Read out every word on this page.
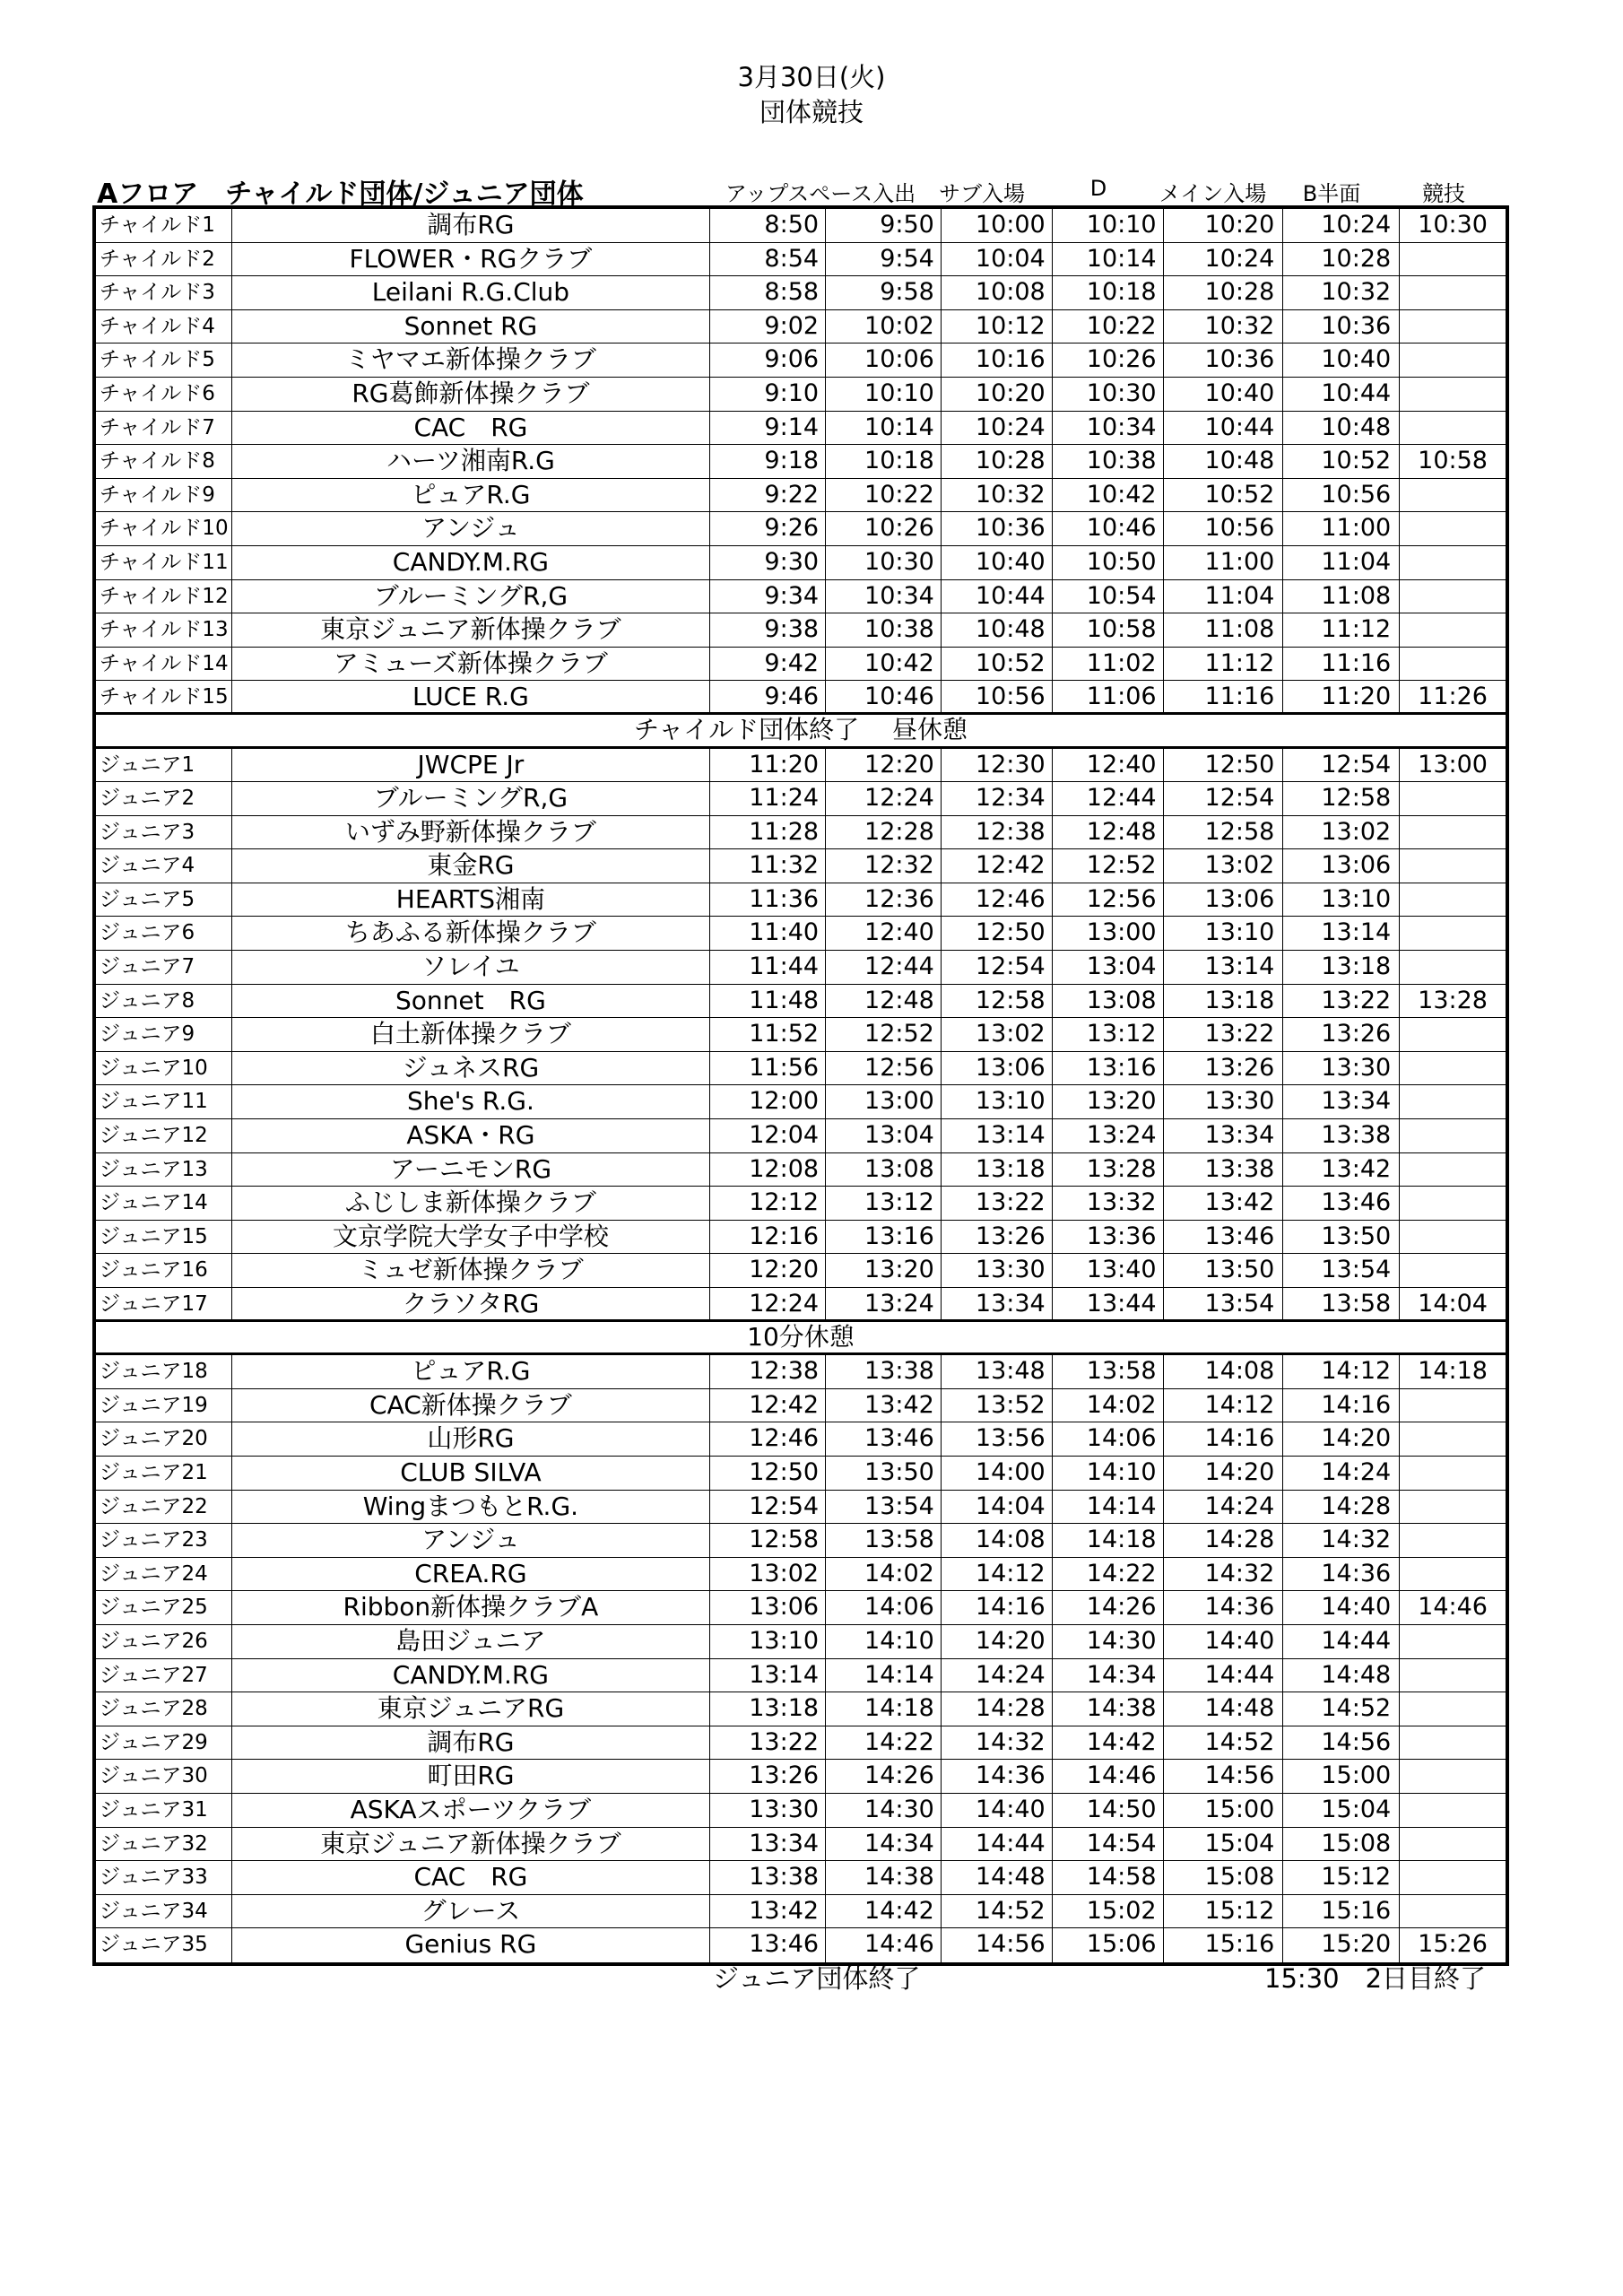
3月30日(火)
団体競技
Aフロア　チャイルド団体/ジュニア団体	アップスペース入出	サブ入場	D	メイン入場	B半面	競技
チャイルド1	調布RG	8:50	9:50	10:00	10:10	10:20	10:24	10:30
チャイルド2	FLOWER・RGクラブ	8:54	9:54	10:04	10:14	10:24	10:28
チャイルド3	Leilani R.G.Club	8:58	9:58	10:08	10:18	10:28	10:32
チャイルド4	Sonnet RG	9:02	10:02	10:12	10:22	10:32	10:36
チャイルド5	ミヤマエ新体操クラブ	9:06	10:06	10:16	10:26	10:36	10:40
チャイルド6	RG葛飾新体操クラブ	9:10	10:10	10:20	10:30	10:40	10:44
チャイルド7	CAC　RG	9:14	10:14	10:24	10:34	10:44	10:48
チャイルド8	ハーツ湘南R.G	9:18	10:18	10:28	10:38	10:48	10:52	10:58
チャイルド9	ピュアR.G	9:22	10:22	10:32	10:42	10:52	10:56
チャイルド10	アンジュ	9:26	10:26	10:36	10:46	10:56	11:00
チャイルド11	CANDY.M.RG	9:30	10:30	10:40	10:50	11:00	11:04
チャイルド12	ブルーミングR,G	9:34	10:34	10:44	10:54	11:04	11:08
チャイルド13	東京ジュニア新体操クラブ	9:38	10:38	10:48	10:58	11:08	11:12
チャイルド14	アミューズ新体操クラブ	9:42	10:42	10:52	11:02	11:12	11:16
チャイルド15	LUCE R.G	9:46	10:46	10:56	11:06	11:16	11:20	11:26
チャイルド団体終了　 昼休憩
ジュニア1	JWCPE Jr	11:20	12:20	12:30	12:40	12:50	12:54	13:00
ジュニア2	ブルーミングR,G	11:24	12:24	12:34	12:44	12:54	12:58
ジュニア3	いずみ野新体操クラブ	11:28	12:28	12:38	12:48	12:58	13:02
ジュニア4	東金RG	11:32	12:32	12:42	12:52	13:02	13:06
ジュニア5	HEARTS湘南	11:36	12:36	12:46	12:56	13:06	13:10
ジュニア6	ちあふる新体操クラブ	11:40	12:40	12:50	13:00	13:10	13:14
ジュニア7	ソレイユ	11:44	12:44	12:54	13:04	13:14	13:18
ジュニア8	Sonnet　RG	11:48	12:48	12:58	13:08	13:18	13:22	13:28
ジュニア9	白土新体操クラブ	11:52	12:52	13:02	13:12	13:22	13:26
ジュニア10	ジュネスRG	11:56	12:56	13:06	13:16	13:26	13:30
ジュニア11	She's R.G.	12:00	13:00	13:10	13:20	13:30	13:34
ジュニア12	ASKA・RG	12:04	13:04	13:14	13:24	13:34	13:38
ジュニア13	アーニモンRG	12:08	13:08	13:18	13:28	13:38	13:42
ジュニア14	ふじしま新体操クラブ	12:12	13:12	13:22	13:32	13:42	13:46
ジュニア15	文京学院大学女子中学校	12:16	13:16	13:26	13:36	13:46	13:50
ジュニア16	ミュゼ新体操クラブ	12:20	13:20	13:30	13:40	13:50	13:54
ジュニア17	クラソタRG	12:24	13:24	13:34	13:44	13:54	13:58	14:04
10分休憩
ジュニア18	ピュアR.G	12:38	13:38	13:48	13:58	14:08	14:12	14:18
ジュニア19	CAC新体操クラブ	12:42	13:42	13:52	14:02	14:12	14:16
ジュニア20	山形RG	12:46	13:46	13:56	14:06	14:16	14:20
ジュニア21	CLUB SILVA	12:50	13:50	14:00	14:10	14:20	14:24
ジュニア22	WingまつもとR.G.	12:54	13:54	14:04	14:14	14:24	14:28
ジュニア23	アンジュ	12:58	13:58	14:08	14:18	14:28	14:32
ジュニア24	CREA.RG	13:02	14:02	14:12	14:22	14:32	14:36
ジュニア25	Ribbon新体操クラブA	13:06	14:06	14:16	14:26	14:36	14:40	14:46
ジュニア26	島田ジュニア	13:10	14:10	14:20	14:30	14:40	14:44
ジュニア27	CANDY.M.RG	13:14	14:14	14:24	14:34	14:44	14:48
ジュニア28	東京ジュニアRG	13:18	14:18	14:28	14:38	14:48	14:52
ジュニア29	調布RG	13:22	14:22	14:32	14:42	14:52	14:56
ジュニア30	町田RG	13:26	14:26	14:36	14:46	14:56	15:00
ジュニア31	ASKAスポーツクラブ	13:30	14:30	14:40	14:50	15:00	15:04
ジュニア32	東京ジュニア新体操クラブ	13:34	14:34	14:44	14:54	15:04	15:08
ジュニア33	CAC　RG	13:38	14:38	14:48	14:58	15:08	15:12
ジュニア34	グレース	13:42	14:42	14:52	15:02	15:12	15:16
ジュニア35	Genius RG	13:46	14:46	14:56	15:06	15:16	15:20	15:26
ジュニア団体終了	15:30　2日目終了
